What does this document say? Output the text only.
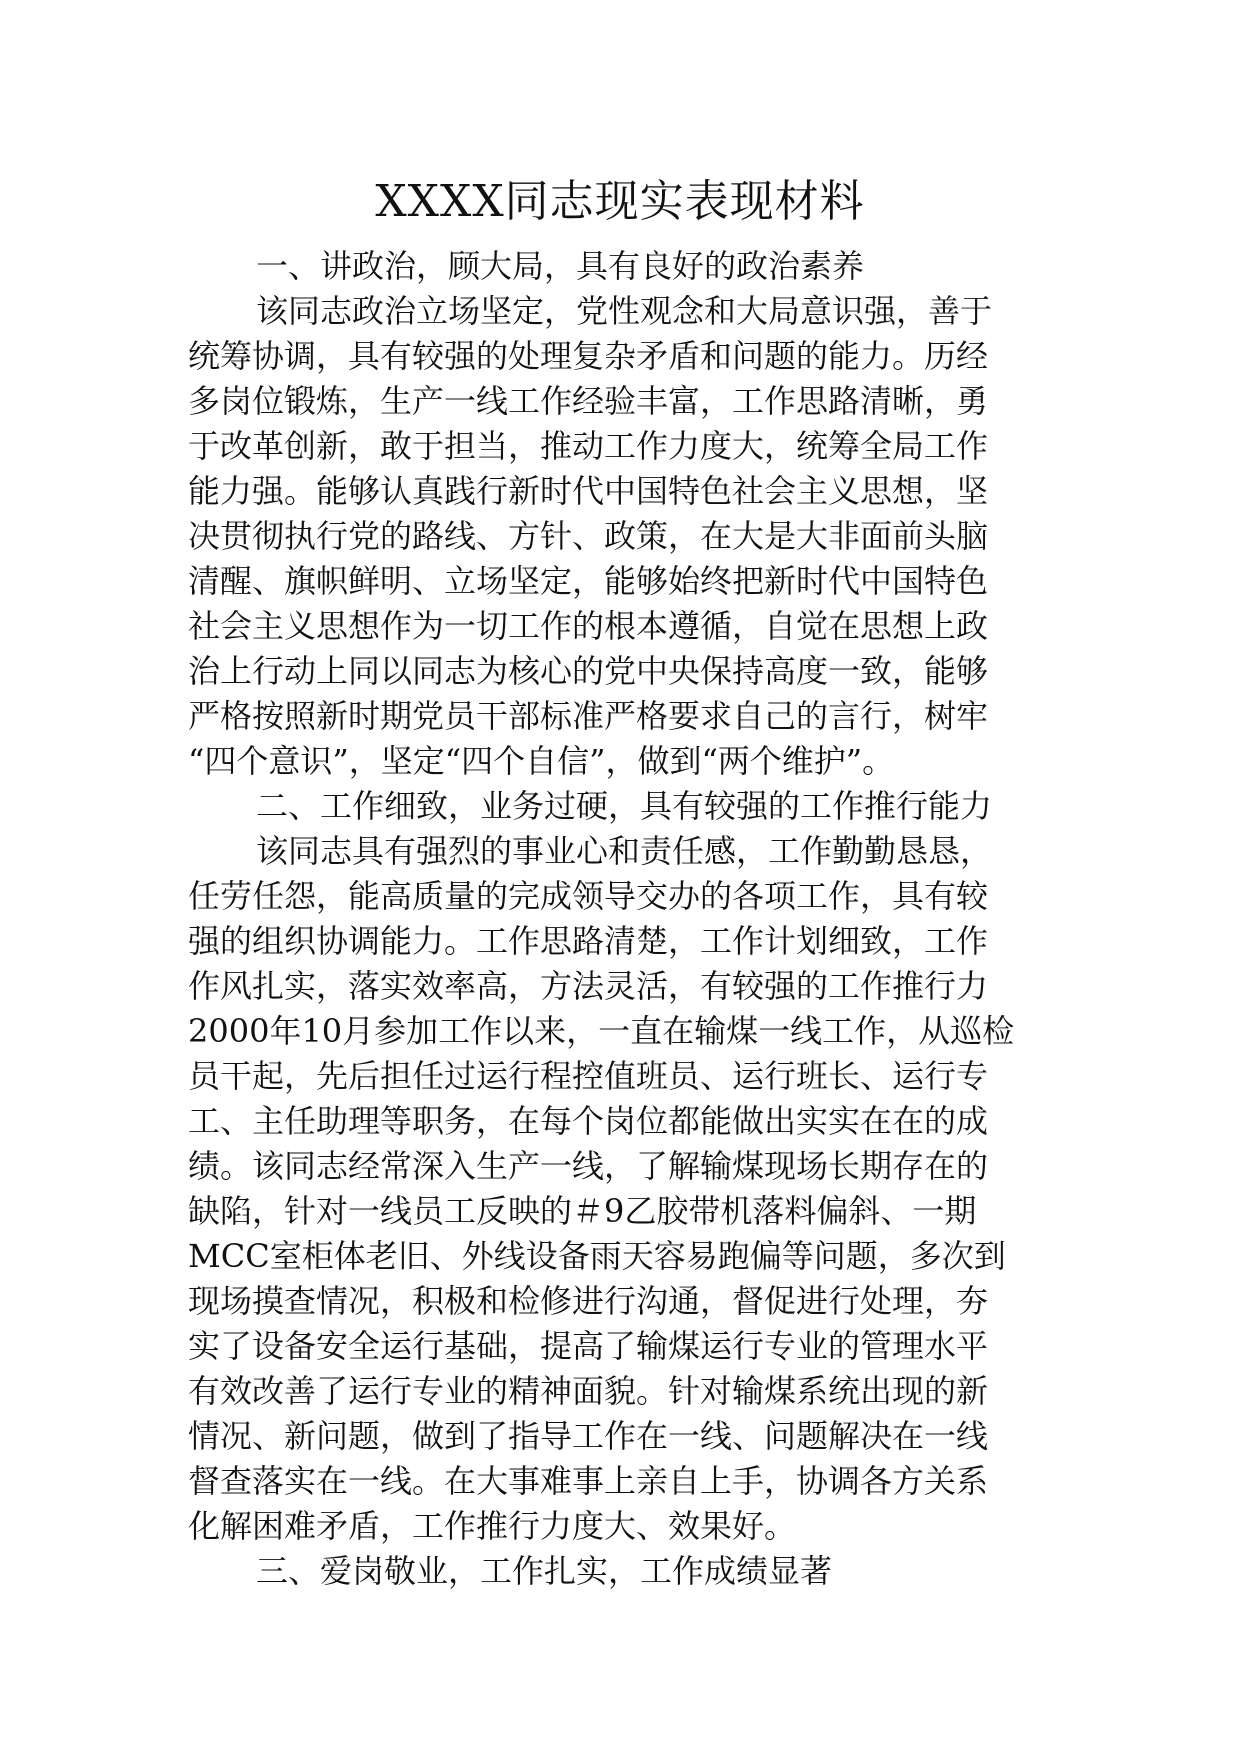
XXXX同志现实表现材料
一、讲政治，顾大局，具有良好的政治素养
该同志政治立场坚定，党性观念和大局意识强，善于
统筹协调，具有较强的处理复杂矛盾和问题的能力。历经
多岗位锻炼，生产一线工作经验丰富，工作思路清晰，勇
于改革创新，敢于担当，推动工作力度大，统筹全局工作
能力强。能够认真践行新时代中国特色社会主义思想，坚
决贯彻执行党的路线、方针、政策，在大是大非面前头脑
清醒、旗帜鲜明、立场坚定，能够始终把新时代中国特色
社会主义思想作为一切工作的根本遵循，自觉在思想上政
治上行动上同以同志为核心的党中央保持高度一致，能够
严格按照新时期党员干部标准严格要求自己的言行，树牢
“四个意识”，坚定“四个自信”，做到“两个维护”。
二、工作细致，业务过硬，具有较强的工作推行能力
该同志具有强烈的事业心和责任感，工作勤勤恳恳，
任劳任怨，能高质量的完成领导交办的各项工作，具有较
强的组织协调能力。工作思路清楚，工作计划细致，工作
作风扎实，落实效率高，方法灵活，有较强的工作推行力
2000年10月参加工作以来，一直在输煤一线工作，从巡检
员干起，先后担任过运行程控值班员、运行班长、运行专
工、主任助理等职务，在每个岗位都能做出实实在在的成
绩。该同志经常深入生产一线，了解输煤现场长期存在的
缺陷，针对一线员工反映的＃9乙胶带机落料偏斜、一期
MCC室柜体老旧、外线设备雨天容易跑偏等问题，多次到
现场摸查情况，积极和检修进行沟通，督促进行处理，夯
实了设备安全运行基础，提高了输煤运行专业的管理水平
有效改善了运行专业的精神面貌。针对输煤系统出现的新
情况、新问题，做到了指导工作在一线、问题解决在一线
督查落实在一线。在大事难事上亲自上手，协调各方关系
化解困难矛盾，工作推行力度大、效果好。
三、爱岗敬业，工作扎实，工作成绩显著
